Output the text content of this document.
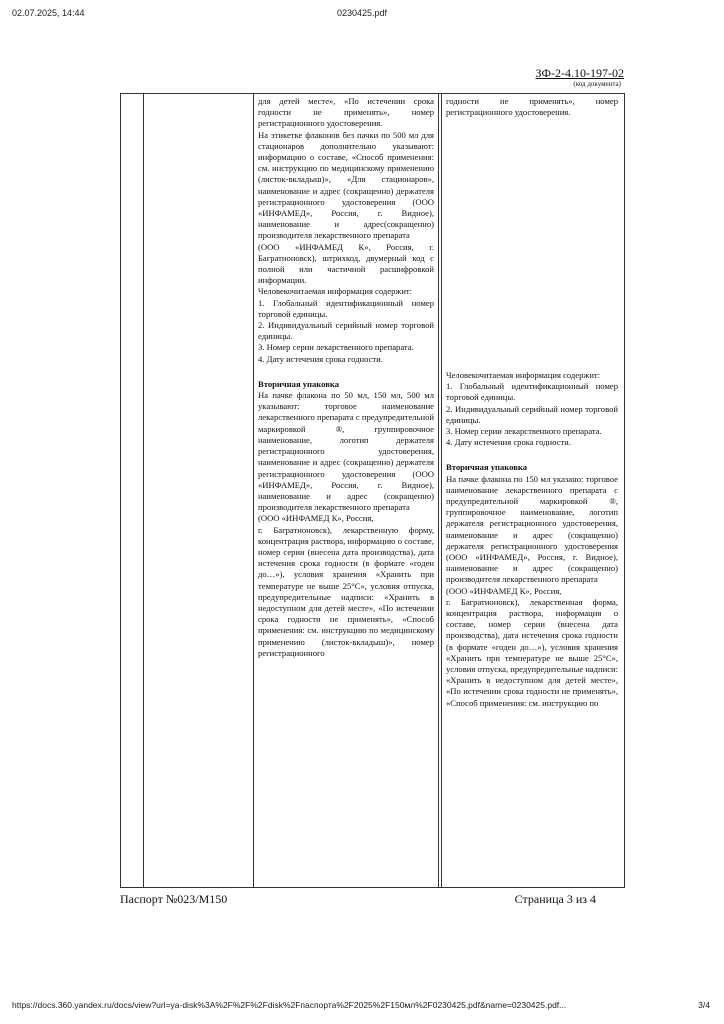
02.07.2025, 14:44	0230425.pdf
ЗФ-2-4.10-197-02
(код документа)

для детей месте», «По истечении срока годности не применять», номер регистрационного удостоверения.

На этикетке флаконов без пачки по 500 мл для стационаров дополнительно указывают: информацию о составе, «Способ применения: см. инструкцию по медицинскому применению (листок-вкладыш)», «Для стационаров», наименование и адрес (сокращенно) держателя регистрационного удостоверения (ООО «ИНФАМЕД», Россия, г. Видное), наименование и адрес(сокращенно) производителя лекарственного препарата

(ООО «ИНФАМЕД К», Россия, г. Багратионовск), штрихкод, двумерный код с полной или частичной расшифровкой информации.

Человекочитаемая информация содержит:

1. Глобальный идентификационный номер торговой единицы.

2. Индивидуальный серийный номер торговой единицы.

3. Номер серии лекарственного препарата.

4. Дату истечения срока годности.

Вторичная упаковка

На пачке флакона по 50 мл, 150 мл, 500 мл указывают: торговое наименование лекарственного препарата с предупредительной маркировкой ®, группировочное наименование, логотип держателя регистрационного удостоверения, наименование и адрес (сокращенно) держателя регистрационного удостоверения (ООО «ИНФАМЕД», Россия, г. Видное), наименование и адрес (сокращенно) производителя лекарственного препарата

(ООО «ИНФАМЕД К», Россия,

г. Багратионовск), лекарственную форму, концентрация раствора, информацию о составе, номер серии (внесена дата производства), дата истечения срока годности (в формате «годен до…»), условия хранения «Хранить при температуре не выше 25°С», условия отпуска, предупредительные надписи: «Хранить в недоступном для детей месте», «По истечении срока годности не применять», «Способ применения: см. инструкцию по медицинскому применению (листок-вкладыш)», номер регистрационного

годности не применять», номер регистрационного удостоверения.

Человекочитаемая информация содержит:

1. Глобальный идентификационный номер торговой единицы.

2. Индивидуальный серийный номер торговой единицы.

3. Номер серии лекарственного препарата.

4. Дату истечения срока годности.

Вторичная упаковка

На пачке флакона по 150 мл указано: торговое наименование лекарственного препарата с предупредительной маркировкой ®, группировочное наименование, логотип держателя регистрационного удостоверения, наименование и адрес (сокращенно) держателя регистрационного удостоверения (ООО «ИНФАМЕД», Россия, г. Видное), наименование и адрес (сокращенно) производителя лекарственного препарата

(ООО «ИНФАМЕД К», Россия,

г. Багратионовск), лекарственная форма, концентрация раствора, информация о составе, номер серии (внесена дата производства), дата истечения срока годности (в формате «годен до…»), условия хранения «Хранить при температуре не выше 25°С», условия отпуска, предупредительные надписи: «Хранить в недоступном для детей месте», «По истечении срока годности не применять», «Способ применения: см. инструкцию по

Паспорт №023/М150	Страница 3 из 4
https://docs.360.yandex.ru/docs/view?url=ya-disk%3A%2F%2F%2Fdisk%2Fпаспорта%2F2025%2F150мл%2F0230425.pdf&name=0230425.pdf...	3/4
